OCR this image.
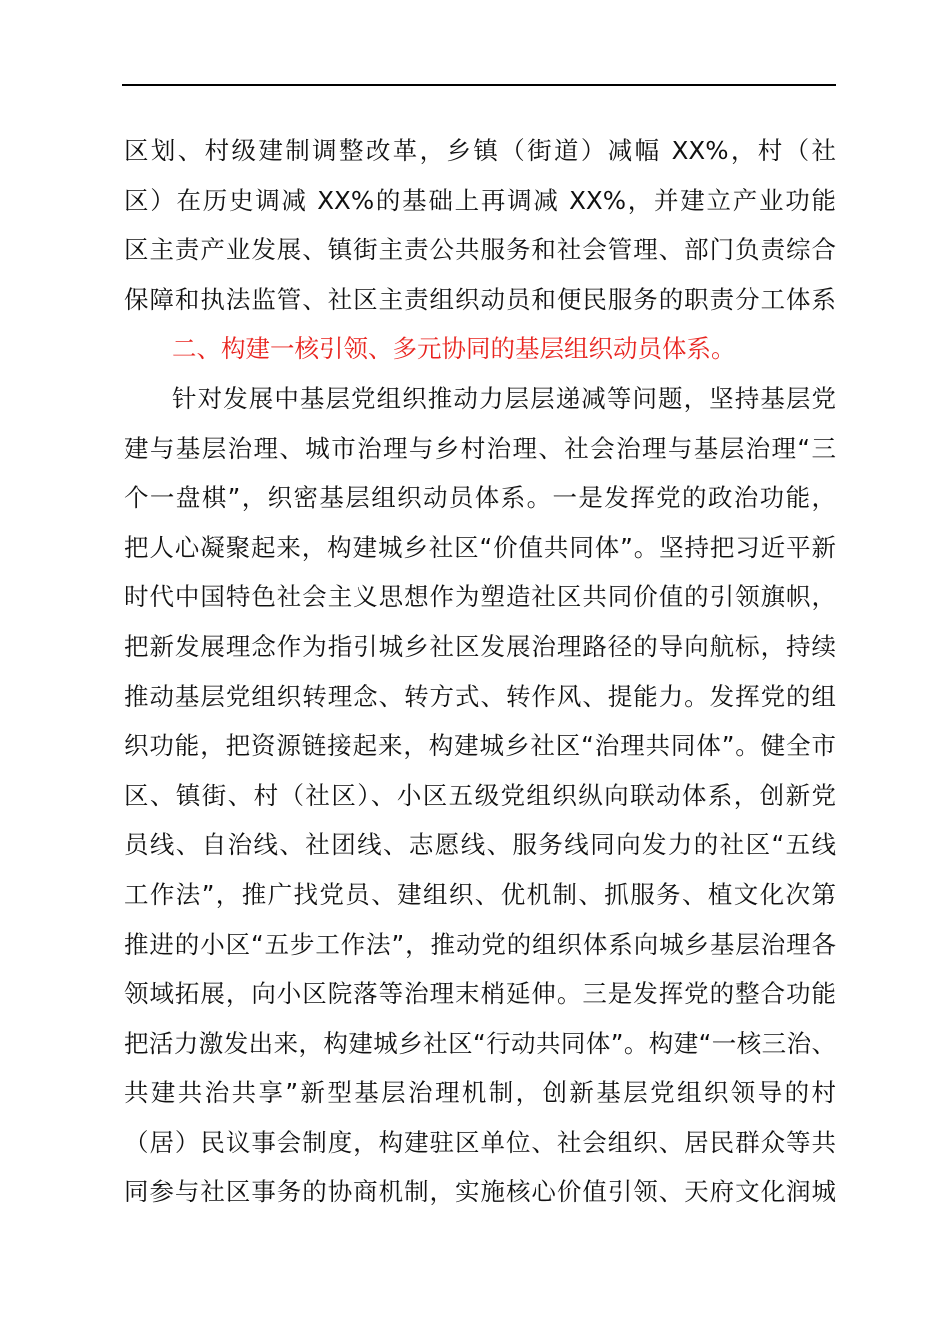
区划、村级建制调整改革，乡镇（街道）减幅 XX%，村（社
区）在历史调减 XX%的基础上再调减 XX%，并建立产业功能
区主责产业发展、镇街主责公共服务和社会管理、部门负责综合
保障和执法监管、社区主责组织动员和便民服务的职责分工体系
二、构建一核引领、多元协同的基层组织动员体系。
针对发展中基层党组织推动力层层递减等问题，坚持基层党
建与基层治理、城市治理与乡村治理、社会治理与基层治理“三
个一盘棋”，织密基层组织动员体系。一是发挥党的政治功能，
把人心凝聚起来，构建城乡社区“价值共同体”。坚持把习近平新
时代中国特色社会主义思想作为塑造社区共同价值的引领旗帜，
把新发展理念作为指引城乡社区发展治理路径的导向航标，持续
推动基层党组织转理念、转方式、转作风、提能力。发挥党的组
织功能，把资源链接起来，构建城乡社区“治理共同体”。健全市
区、镇街、村（社区）、小区五级党组织纵向联动体系，创新党
员线、自治线、社团线、志愿线、服务线同向发力的社区“五线
工作法”，推广找党员、建组织、优机制、抓服务、植文化次第
推进的小区“五步工作法”，推动党的组织体系向城乡基层治理各
领域拓展，向小区院落等治理末梢延伸。三是发挥党的整合功能
把活力激发出来，构建城乡社区“行动共同体”。构建“一核三治、
共建共治共享”新型基层治理机制，创新基层党组织领导的村
（居）民议事会制度，构建驻区单位、社会组织、居民群众等共
同参与社区事务的协商机制，实施核心价值引领、天府文化润城
